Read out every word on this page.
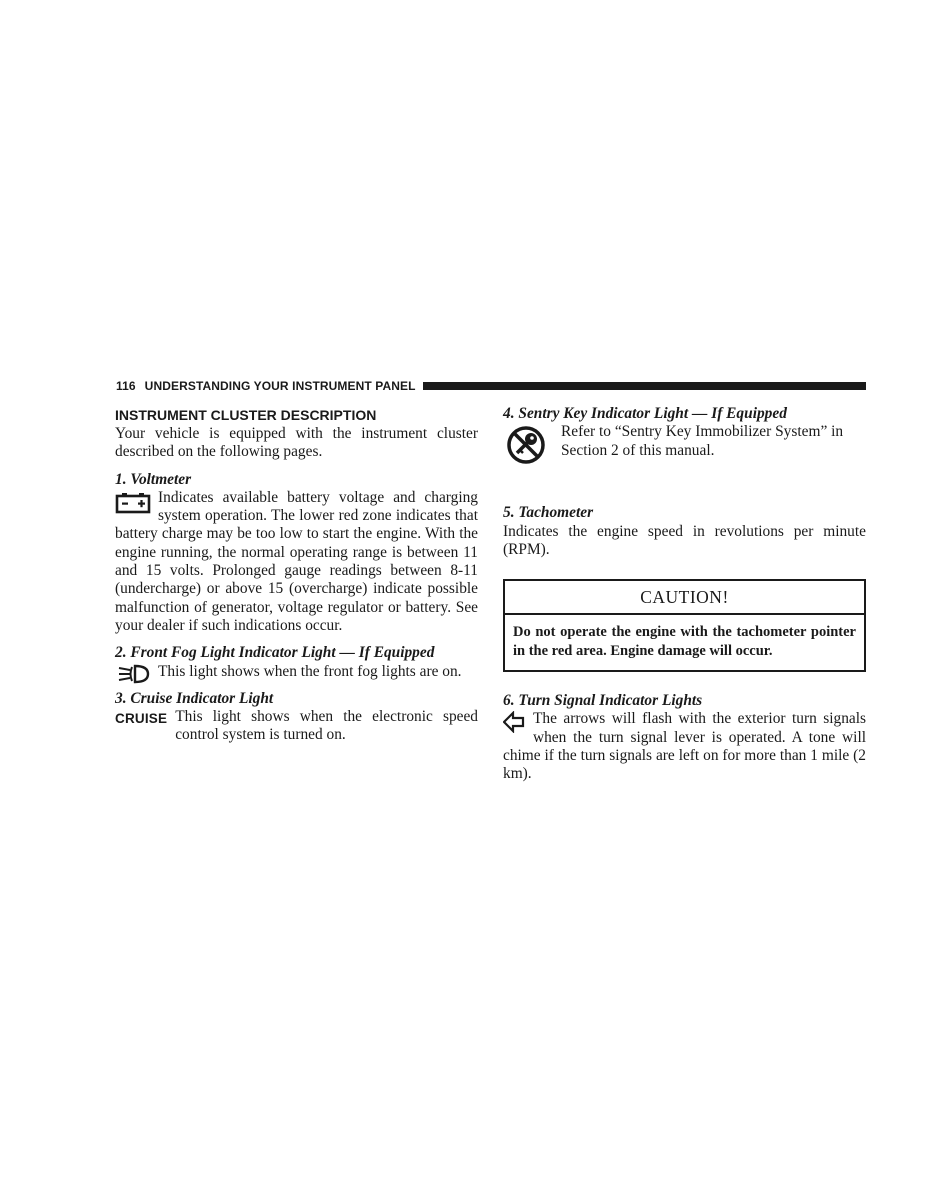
116 UNDERSTANDING YOUR INSTRUMENT PANEL
INSTRUMENT CLUSTER DESCRIPTION

Your vehicle is equipped with the instrument cluster described on the following pages.

1. Voltmeter

Indicates available battery voltage and charging system operation. The lower red zone indicates that battery charge may be too low to start the engine. With the engine running, the normal operating range is between 11 and 15 volts. Prolonged gauge readings between 8-11 (undercharge) or above 15 (overcharge) indicate possible malfunction of generator, voltage regulator or battery. See your dealer if such indications occur.

2. Front Fog Light Indicator Light — If Equipped

This light shows when the front fog lights are on.

3. Cruise Indicator Light

CRUISE This light shows when the electronic speed control system is turned on.

4. Sentry Key Indicator Light — If Equipped

Refer to “Sentry Key Immobilizer System” in Section 2 of this manual.

5. Tachometer

Indicates the engine speed in revolutions per minute (RPM).

CAUTION!
Do not operate the engine with the tachometer pointer in the red area. Engine damage will occur.
6. Turn Signal Indicator Lights

The arrows will flash with the exterior turn signals when the turn signal lever is operated. A tone will chime if the turn signals are left on for more than 1 mile (2 km).
